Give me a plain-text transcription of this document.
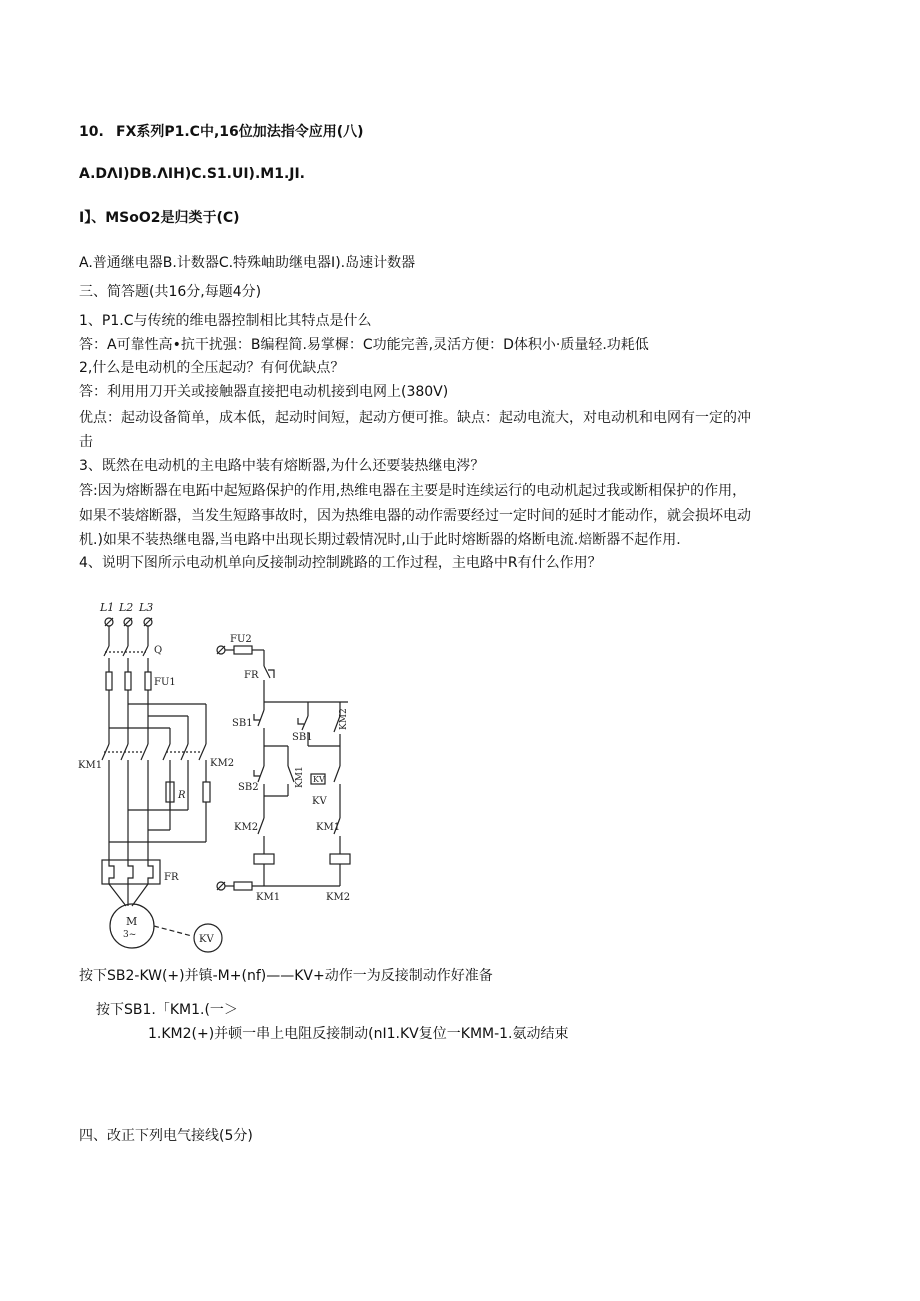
10. FX系列P1.C中,16位加法指令应用(八)
A.DΛI)DB.ΛIH)C.S1.UI).M1.JI.
I】、MSoO2是归类于(C)
A.普通继电器B.计数器C.特殊岫助继电器I).岛速计数器
三、简答题(共16分,每题4分)
1、P1.C与传统的维电器控制相比其特点是什么
答：A可靠性高•抗干扰强：B编程简.易掌樨：C功能完善,灵活方便：D体积小·质量轻.功耗低
2,什么是电动机的全压起动？有何优缺点？
答：利用用刀开关或接触器直接把电动机接到电网上(380V)
优点：起动设备简单，成本低，起动时间短，起动方便可推。缺点：起动电流大，对电动机和电网有一定的冲
击
3、既然在电动机的主电路中装有熔断器,为什么还要装热继电涔？
答:因为熔断器在电跖中起短路保护的作用,热维电器在主要是时连续运行的电动机起过我或断相保护的作用，
如果不装熔断器，当发生短路事故时，因为热维电器的动作需要经过一定时间的延时才能动作，就会损坏电动
机.)如果不装热继电器,当电路中出现长期过毂情况时,山于此时熔断器的烙断电流.焙断器不起作用.
4、说明下图所示电动机单向反接制动控制跳路的工作过程，主电路中R有什么作用？
L1 L2 L3
Q
FU1
KM1	KM2
R
FR
M
3~	KV
FU2
FR
SB1
SB1
KM2
SB2	KM1 KV
KV
KM2	KM1
KM1	KM2
按下SB2-KW(+)并镇-M+(nf)——KV+动作一为反接制动作好准备
按下SB1.「KM1.(一＞
1.KM2(+)并顿一串上电阻反接制动(nI1.KV复位一KMM-1.氨动结束
四、改正下列电气接线(5分)
